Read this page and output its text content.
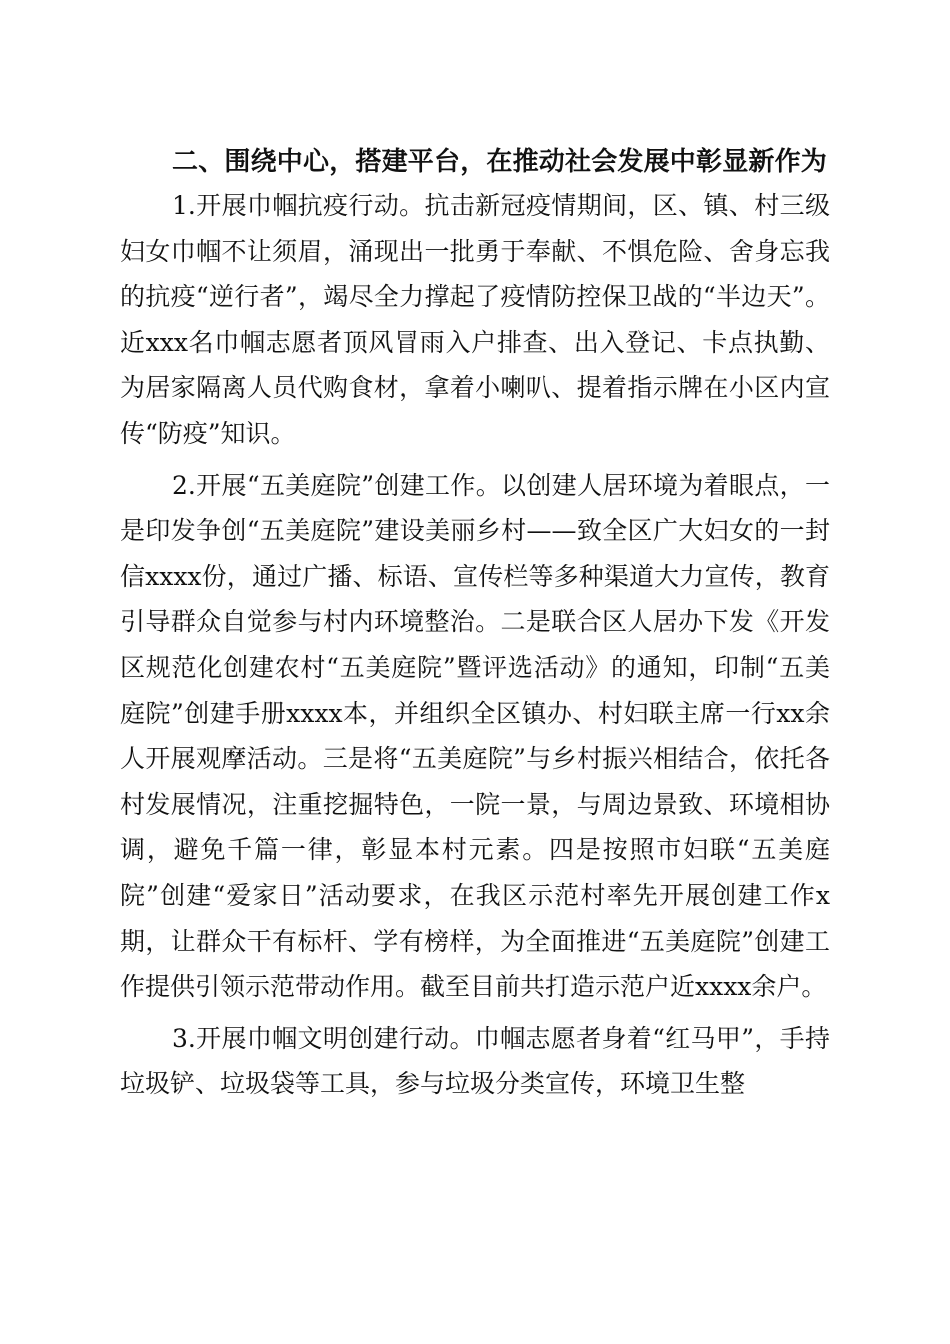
二、围绕中心，搭建平台，在推动社会发展中彰显新作为

1.开展巾帼抗疫行动。抗击新冠疫情期间，区、镇、村三级妇女巾帼不让须眉，涌现出一批勇于奉献、不惧危险、舍身忘我的抗疫“逆行者”，竭尽全力撑起了疫情防控保卫战的“半边天”。近xxx名巾帼志愿者顶风冒雨入户排查、出入登记、卡点执勤、为居家隔离人员代购食材，拿着小喇叭、提着指示牌在小区内宣传“防疫”知识。

2.开展“五美庭院”创建工作。以创建人居环境为着眼点，一是印发争创“五美庭院”建设美丽乡村——致全区广大妇女的一封信xxxx份，通过广播、标语、宣传栏等多种渠道大力宣传，教育引导群众自觉参与村内环境整治。二是联合区人居办下发《开发区规范化创建农村“五美庭院”暨评选活动》的通知，印制“五美庭院”创建手册xxxx本，并组织全区镇办、村妇联主席一行xx余人开展观摩活动。三是将“五美庭院”与乡村振兴相结合，依托各村发展情况，注重挖掘特色，一院一景，与周边景致、环境相协调，避免千篇一律，彰显本村元素。四是按照市妇联“五美庭院”创建“爱家日”活动要求，在我区示范村率先开展创建工作x期，让群众干有标杆、学有榜样，为全面推进“五美庭院”创建工作提供引领示范带动作用。截至目前共打造示范户近xxxx余户。

3.开展巾帼文明创建行动。巾帼志愿者身着“红马甲”，手持垃圾铲、垃圾袋等工具，参与垃圾分类宣传，环境卫生整
